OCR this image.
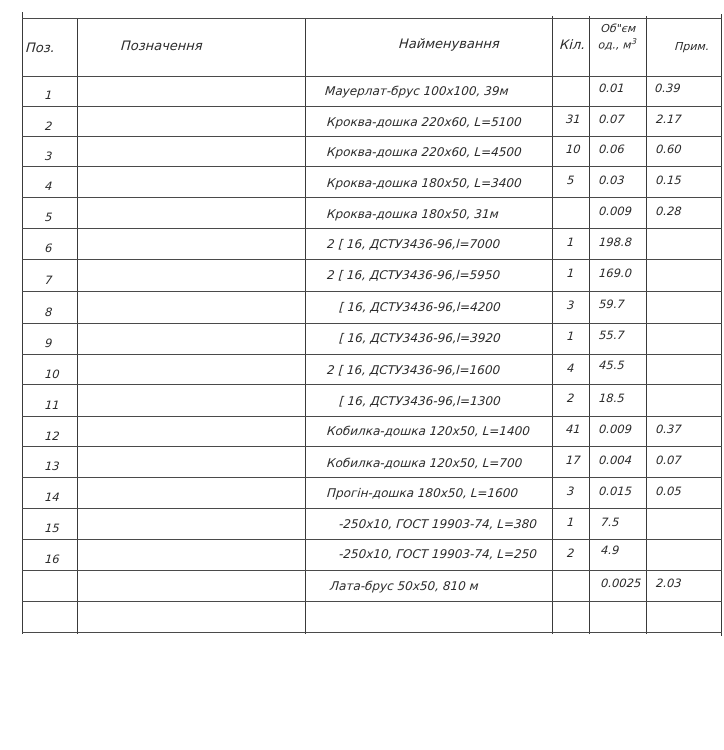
Поз.	Позначення	Найменування	Кіл.
Об"єм
од., $м^3$	Прим.
1	Мауерлат-брус 100х100, 39м	0.01	0.39
2	Кроква-дошка 220х60, L=5100	31 0.07	2.17
3	Кроква-дошка 220х60, L=4500	10 0.06	0.60
4	Кроква-дошка 180х50, L=3400	5 0.03	0.15
5	Кроква-дошка 180х50, 31м	0.009 0.28
6	2 [ 16, ДСТУ3436-96,l=7000	1 198.8
7	2 [ 16, ДСТУ3436-96,l=5950	1 169.0
8	[ 16, ДСТУ3436-96,l=4200	3 59.7
9	[ 16, ДСТУ3436-96,l=3920	1 55.7
10	2 [ 16, ДСТУ3436-96,l=1600	4 45.5
11	[ 16, ДСТУ3436-96,l=1300	2 18.5
12	Кобилка-дошка 120х50, L=1400	41 0.009 0.37
13	Кобилка-дошка 120х50, L=700	17 0.004 0.07
14	Прогін-дошка 180х50, L=1600	3 0.015 0.05
15	-250х10, ГОСТ 19903-74, L=380	1 7.5
16	-250х10, ГОСТ 19903-74, L=250	2 4.9
Лата-брус 50х50, 810 м	0.0025 2.03
